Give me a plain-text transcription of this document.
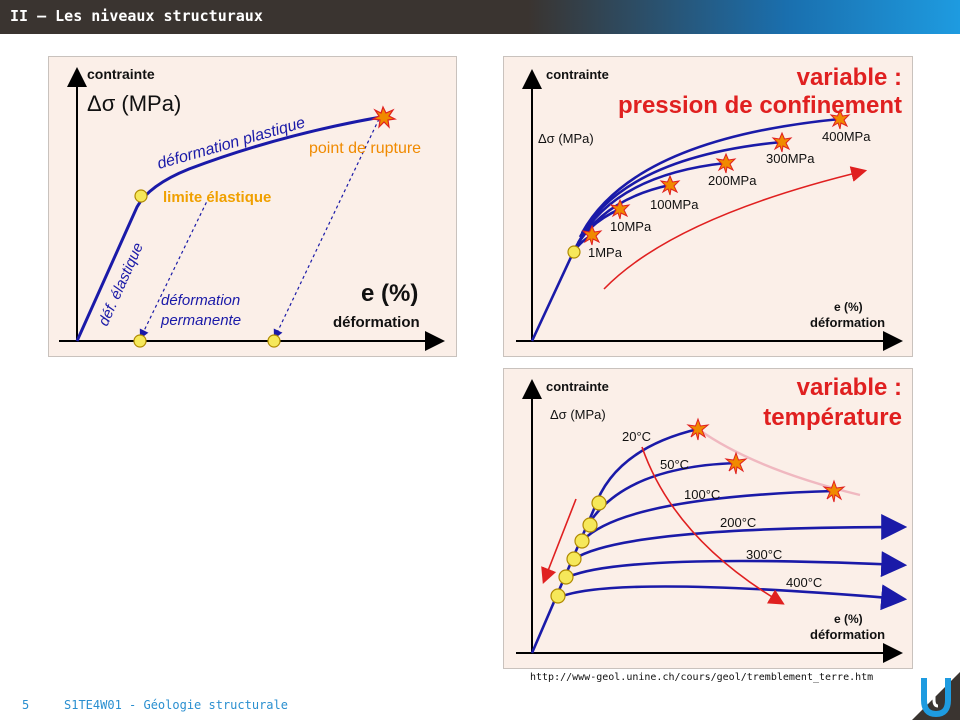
II – Les niveaux structuraux
contrainte
Δσ (MPa)
déf. élastique
déformation plastique
limite élastique
point de rupture
déformation
permanente
e (%)
déformation
variable :
pression de confinement
contrainte
Δσ (MPa)
1MPa
10MPa
100MPa
200MPa
300MPa
400MPa
e (%)
déformation
variable :
température
contrainte
Δσ (MPa)
20°C
50°C
100°C
200°C
300°C
400°C
e (%)
déformation
http://www-geol.unine.ch/cours/geol/tremblement_terre.htm
5	S1TE4W01 - Géologie structurale
